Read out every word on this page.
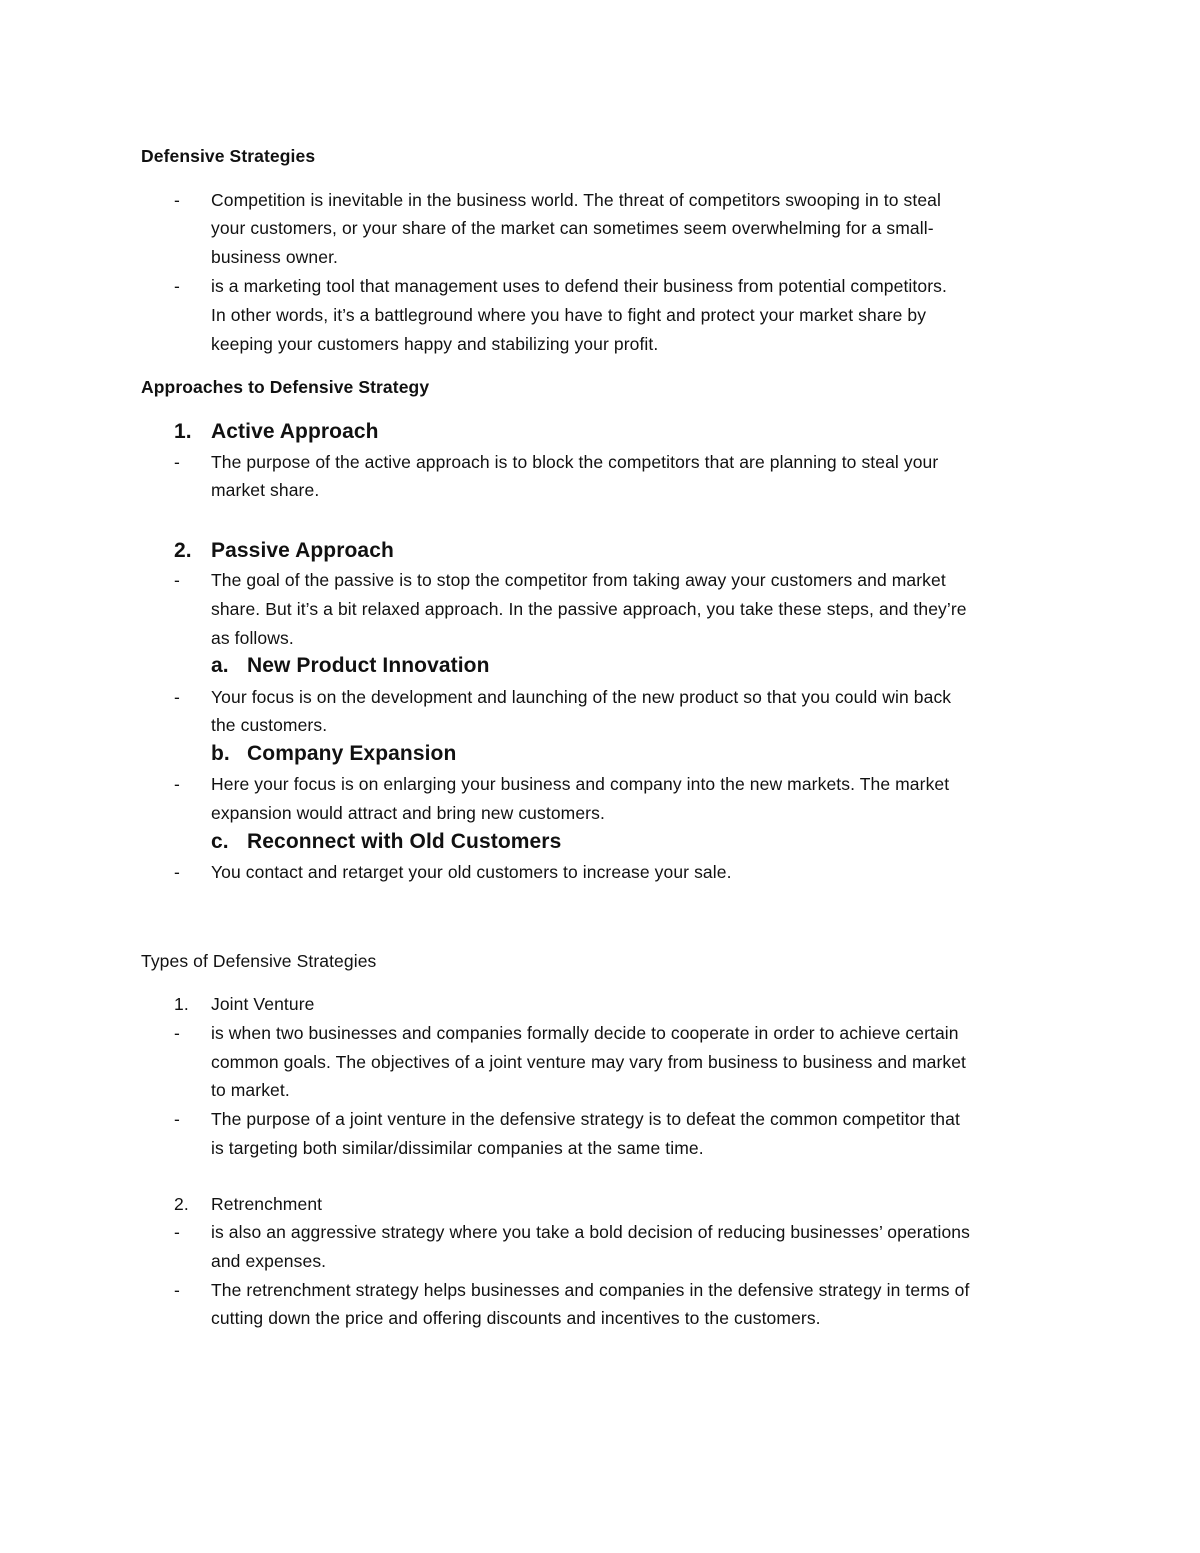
Defensive Strategies
- Competition is inevitable in the business world. The threat of competitors swooping in to steal
your customers, or your share of the market can sometimes seem overwhelming for a small-
business owner.
- is a marketing tool that management uses to defend their business from potential competitors.
In other words, it’s a battleground where you have to fight and protect your market share by
keeping your customers happy and stabilizing your profit.
Approaches to Defensive Strategy
1. Active Approach
- The purpose of the active approach is to block the competitors that are planning to steal your
market share.
2. Passive Approach
- The goal of the passive is to stop the competitor from taking away your customers and market
share. But it’s a bit relaxed approach. In the passive approach, you take these steps, and they’re
as follows.
a. New Product Innovation
- Your focus is on the development and launching of the new product so that you could win back
the customers.
b. Company Expansion
- Here your focus is on enlarging your business and company into the new markets. The market
expansion would attract and bring new customers.
c. Reconnect with Old Customers
- You contact and retarget your old customers to increase your sale.
Types of Defensive Strategies
1. Joint Venture
- is when two businesses and companies formally decide to cooperate in order to achieve certain
common goals. The objectives of a joint venture may vary from business to business and market
to market.
- The purpose of a joint venture in the defensive strategy is to defeat the common competitor that
is targeting both similar/dissimilar companies at the same time.
2. Retrenchment
- is also an aggressive strategy where you take a bold decision of reducing businesses’ operations
and expenses.
- The retrenchment strategy helps businesses and companies in the defensive strategy in terms of
cutting down the price and offering discounts and incentives to the customers.
